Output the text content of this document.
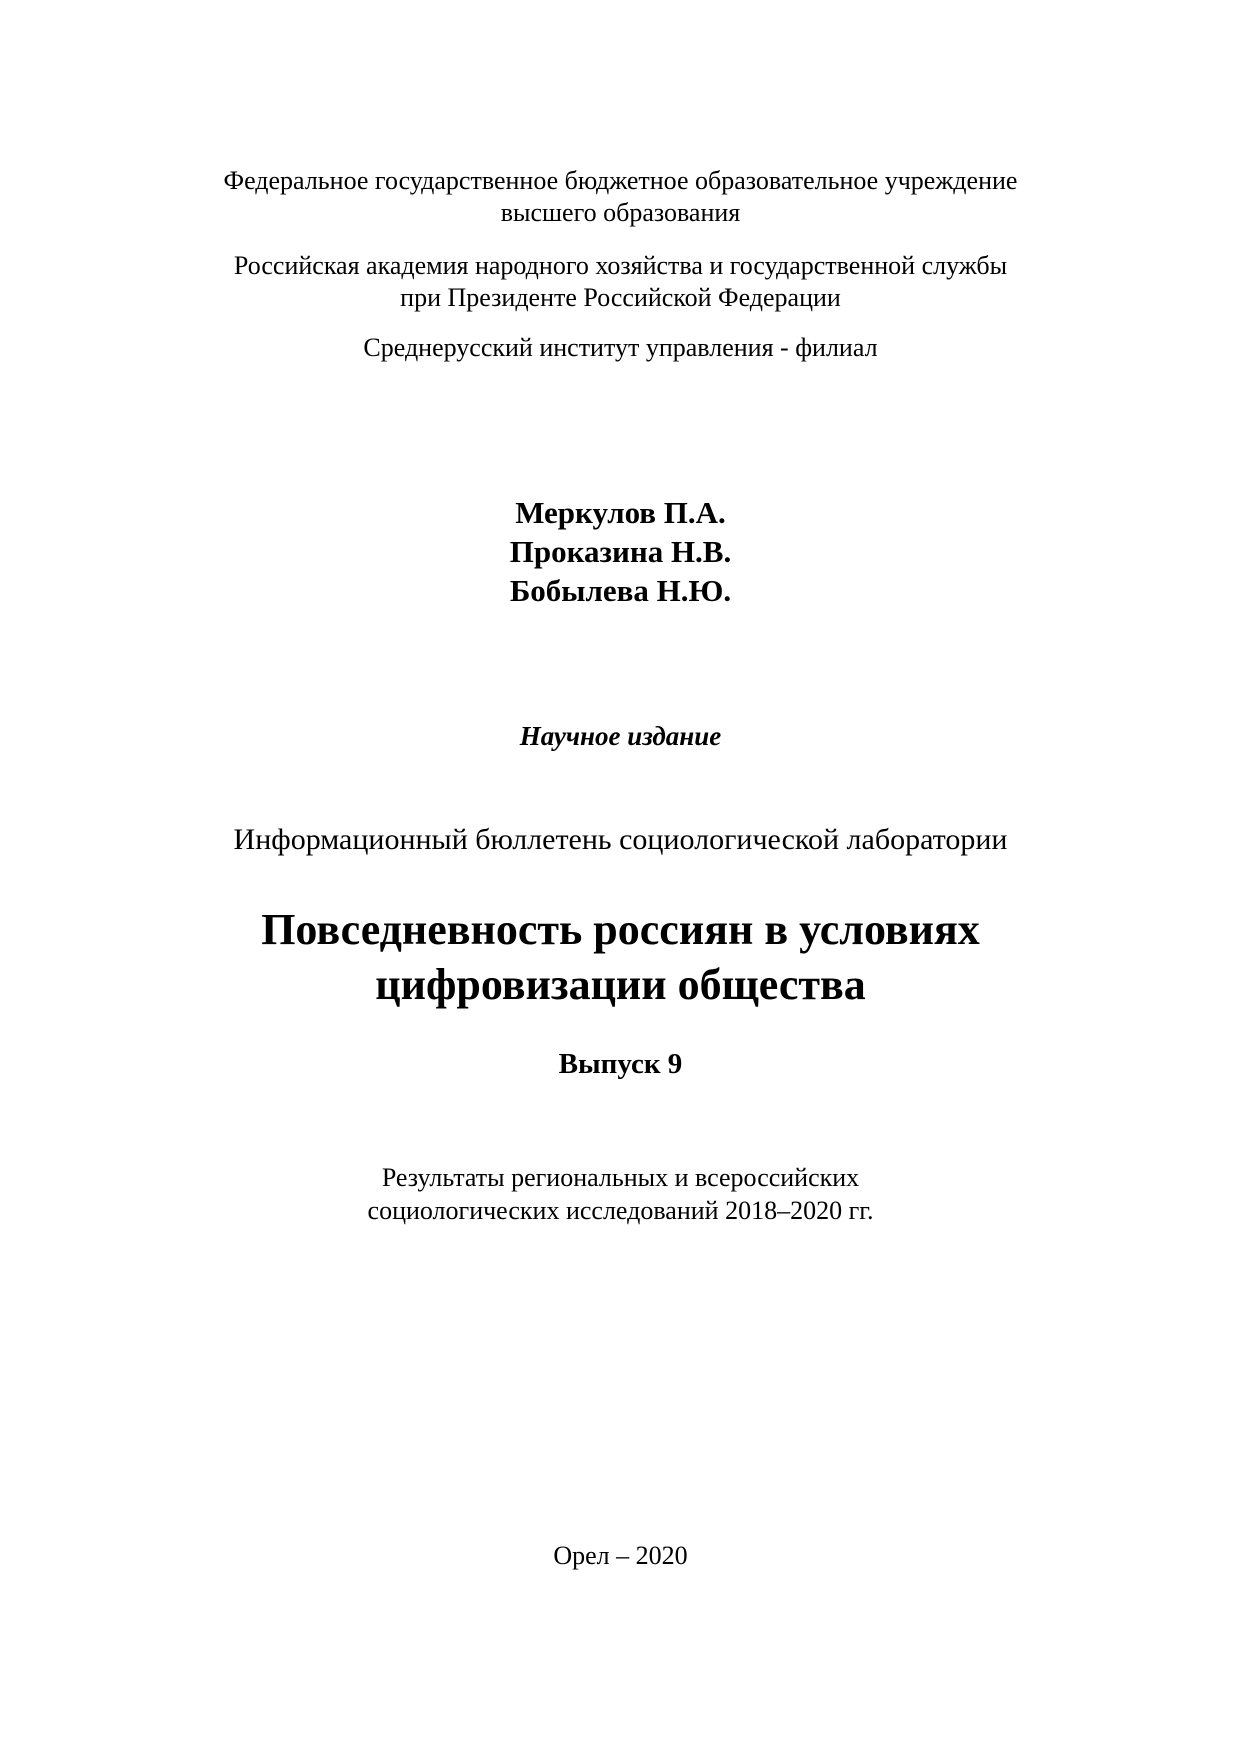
Федеральное государственное бюджетное образовательное учреждение

высшего образования

Российская академия народного хозяйства и государственной службы

при Президенте Российской Федерации

Среднерусский институт управления - филиал

Меркулов П.А.

Проказина Н.В.

Бобылева Н.Ю.

Научное издание

Информационный бюллетень социологической лаборатории

Повседневность россиян в условиях

цифровизации общества

Выпуск 9

Результаты региональных и всероссийских

социологических исследований 2018–2020 гг.

Орел – 2020
